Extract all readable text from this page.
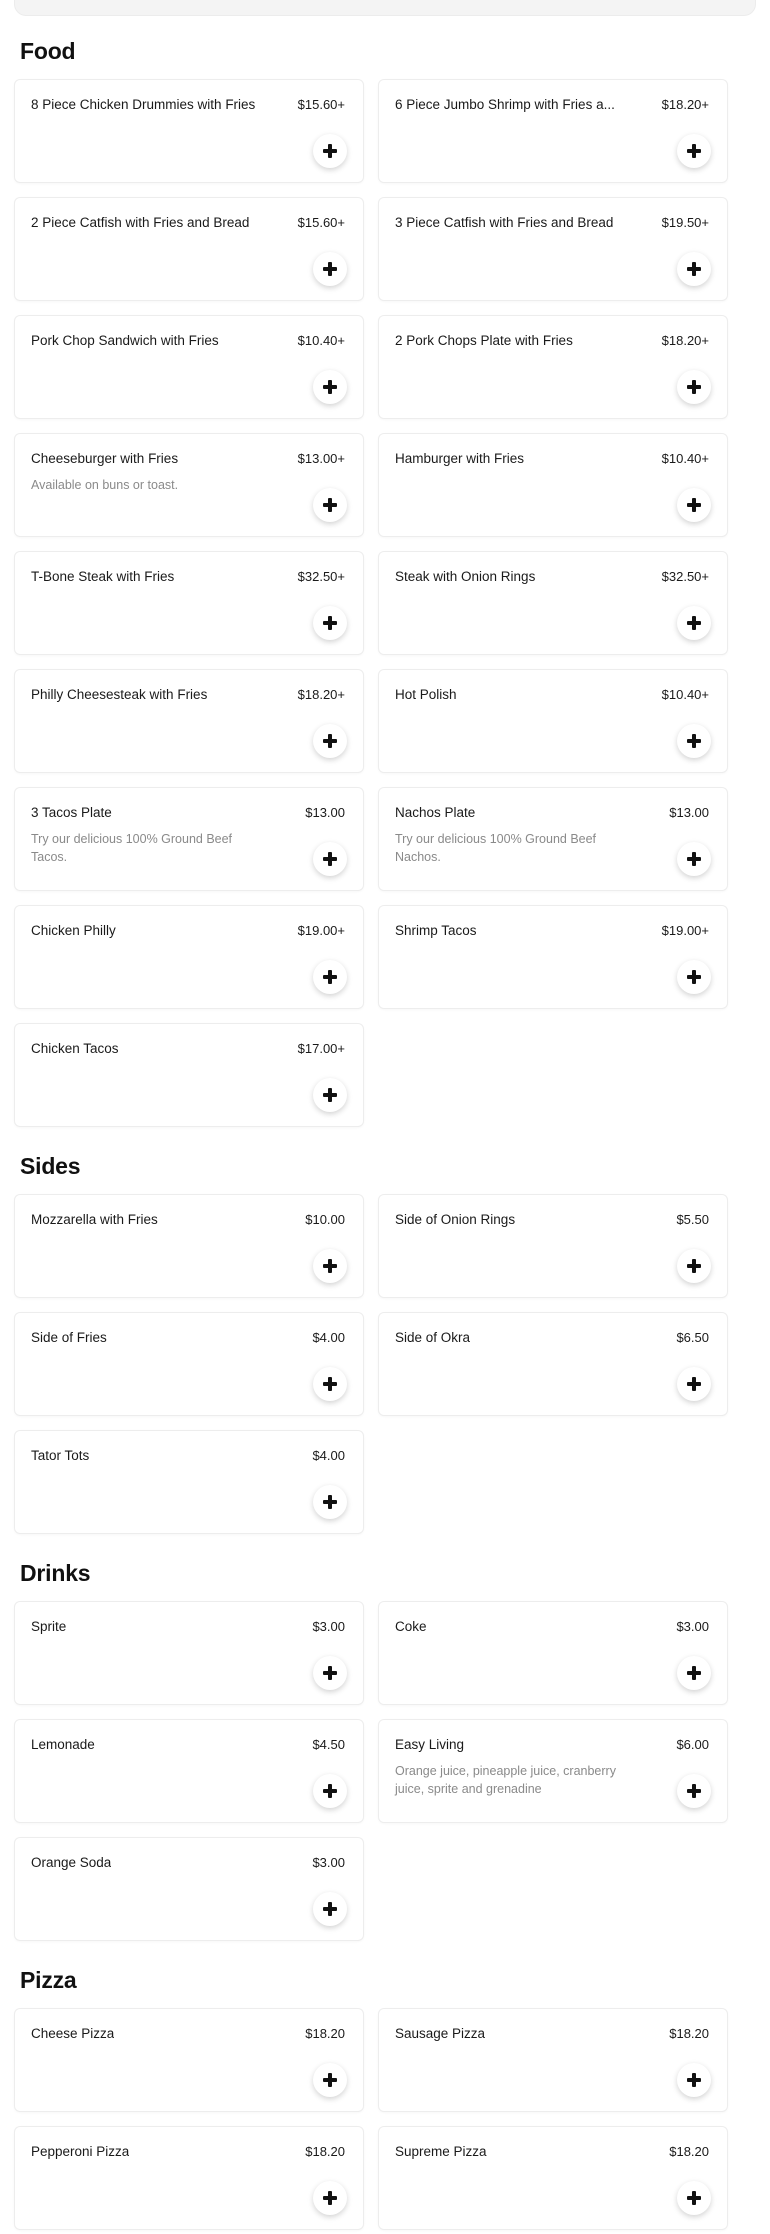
Food
8 Piece Chicken Drummies with Fries	$15.60+	6 Piece Jumbo Shrimp with Fries a...	$18.20+
2 Piece Catfish with Fries and Bread	$15.60+	3 Piece Catfish with Fries and Bread	$19.50+
Pork Chop Sandwich with Fries	$10.40+	2 Pork Chops Plate with Fries	$18.20+
Cheeseburger with Fries	$13.00+
Available on buns or toast.
Hamburger with Fries	$10.40+
T-Bone Steak with Fries	$32.50+	Steak with Onion Rings	$32.50+
Philly Cheesesteak with Fries	$18.20+	Hot Polish	$10.40+
3 Tacos Plate	$13.00
Try our delicious 100% Ground Beef Tacos.
Nachos Plate	$13.00
Try our delicious 100% Ground Beef Nachos.
Chicken Philly	$19.00+	Shrimp Tacos	$19.00+
Chicken Tacos	$17.00+
Sides
Mozzarella with Fries	$10.00	Side of Onion Rings	$5.50
Side of Fries	$4.00	Side of Okra	$6.50
Tator Tots	$4.00
Drinks
Sprite	$3.00	Coke	$3.00
Lemonade	$4.50	Easy Living	$6.00
Orange juice, pineapple juice, cranberry juice, sprite and grenadine
Orange Soda	$3.00
Pizza
Cheese Pizza	$18.20	Sausage Pizza	$18.20
Pepperoni Pizza	$18.20	Supreme Pizza	$18.20
